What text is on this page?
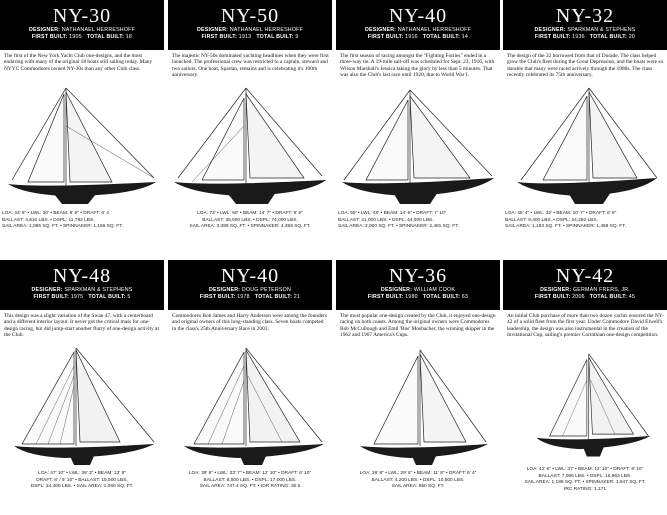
NY-30
DESIGNER: NATHANAEL HERRESHOFF
FIRST BUILT: 1905 TOTAL BUILT: 18
The first of the New York Yacht Club one-designs, and the most enduring with many of the original 18 boats still sailing today. Many NYYC Commodores owned NY-30s than any other Club class.
LOA: 43' 6" • LWL: 30' • BEAM: 8' 9" • DRAFT: 6' 4
BALLAST: 4,810 LBS. • DSPL: 11,782 LBS.
SAIL AREA: 1,085 SQ. FT. • SPINNAKER: 1,156 SQ. FT.
NY-50
DESIGNER: NATHANAEL HERRESHOFF
FIRST BUILT: 1913 TOTAL BUILT: 9
The majestic NY-50s dominated yachting headlines when they were first launched. The professional crew was restricted to a captain, steward and two sailors. One boat, Spartan, remains and is celebrating it's 100th anniversary.
LOA: 72' • LWL: 50' • BEAM: 14' 7" • DRAFT: 9' 9"
BALLAST: 35,500 LBS. • DSPL: 74,000 LBS.
SAIL AREA: 3,389 SQ. FT. • SPINNAKER: 4,359 SQ. FT.
NY-40
DESIGNER: NATHANAEL HERRESHOFF
FIRST BUILT: 1916 TOTAL BUILT: 14
The first season of racing amongst the "Fighting Forties" ended in a three-way tie. A 19-mile sail-off was scheduled for Sept. 23, 1916, with Wilson Marshall's Jessica taking the glory by less than 5 minutes. That was also the Club's last race until 1920, due to World War I.
LOA: 59' • LWL: 40' • BEAM: 14' 5" • DRAFT: 7' 10"
BALLAST: 21,000 LBS. • DSPL: 44,000 LBS.
SAIL AREA: 2,000 SQ. FT. • SPINNAKER: 2,481 SQ. FT.
NY-32
DESIGNER: SPARKMAN & STEPHENS
FIRST BUILT: 1936 TOTAL BUILT: 20
The design of the 32 borrowed from that of Dorade. The class helped grow the Club's fleet during the Great Depression, and the boats were so durable that many were raced actively through the 1980s. The class recently celebrated its 75th anniversary.
LOA: 45' 4" • LWL: 32' • BEAM: 10' 7" • DRAFT: 6' 6"
BALLAST: 9,400 LBS. • DSPL: 24,250 LBS.
SAIL AREA: 1,183 SQ. FT. • SPINNAKER: 1,469 SQ. FT.
NY-48
DESIGNER: SPARKMAN & STEPHENS
FIRST BUILT: 1975 TOTAL BUILT: 5
This design was a slight variation of the Swan 47, with a centerboard and a different interior layout. It never got the critical mass for one-design racing, but did jump-start another flurry of one-design activity at the Club.
LOA: 47' 10" • LWL: 36' 3" • BEAM: 13' 9"
DRAFT: 8' / 5' 10" • BALLAST: 15,500 LBS.
DSPL: 34,400 LBS. • SAIL AREA: 1,060 SQ. FT.
NY-40
DESIGNER: DOUG PETERSON
FIRST BUILT: 1978 TOTAL BUILT: 21
Commodores Bob James and Harry Anderson were among the founders and original owners of this long-standing class. Seven boats competed in the class's 25th Anniversary Race in 2003.
LOA: 39' 6" • LWL: 33' 7" • BEAM: 12' 10" • DRAFT: 6' 10"
BALLAST: 8,500 LBS. • DSPL: 17,000 LBS.
SAIL AREA: 747.4 SQ. FT. • IOR RATING: 30.5
NY-36
DESIGNER: WILLIAM COOK
FIRST BUILT: 1980 TOTAL BUILT: 63
The most popular one-design created by the Club, it enjoyed one-design racing on both coasts. Among the original owners were Commodores Bob McCullough and Emil 'Bus' Mosbacher, the winning skipper in the 1962 and 1967 America's Cups.
LOA: 36' 8" • LWL: 29' 6" • BEAM: 11' 8" • DRAFT: 6' 4"
BALLAST: 4,200 LBS. • DSPL: 10,500 LBS.
SAIL AREA: 650 SQ. FT.
NY-42
DESIGNER: GERMAN FRERS, JR.
FIRST BUILT: 2006 TOTAL BUILT: 45
An initial Club purchase of more than two dozen yachts ensured the NY-42 of a solid fleet from the first year. Under Commodore David Elwell's leadership, the design was also instrumental in the creation of the Invitational Cup, sailing's premier Corinthian one-design competition.
LOA: 42' 6" • LWL: 37' • BEAM: 12' 10" • DRAFT: 8' 10"
BALLAST: 7,066 LBS. • DSPL: 15,963 LBS.
SAIL AREA: 1,188 SQ. FT. • SPINNAKER: 1,647 SQ. FT.
IRC RATING: 1.171
